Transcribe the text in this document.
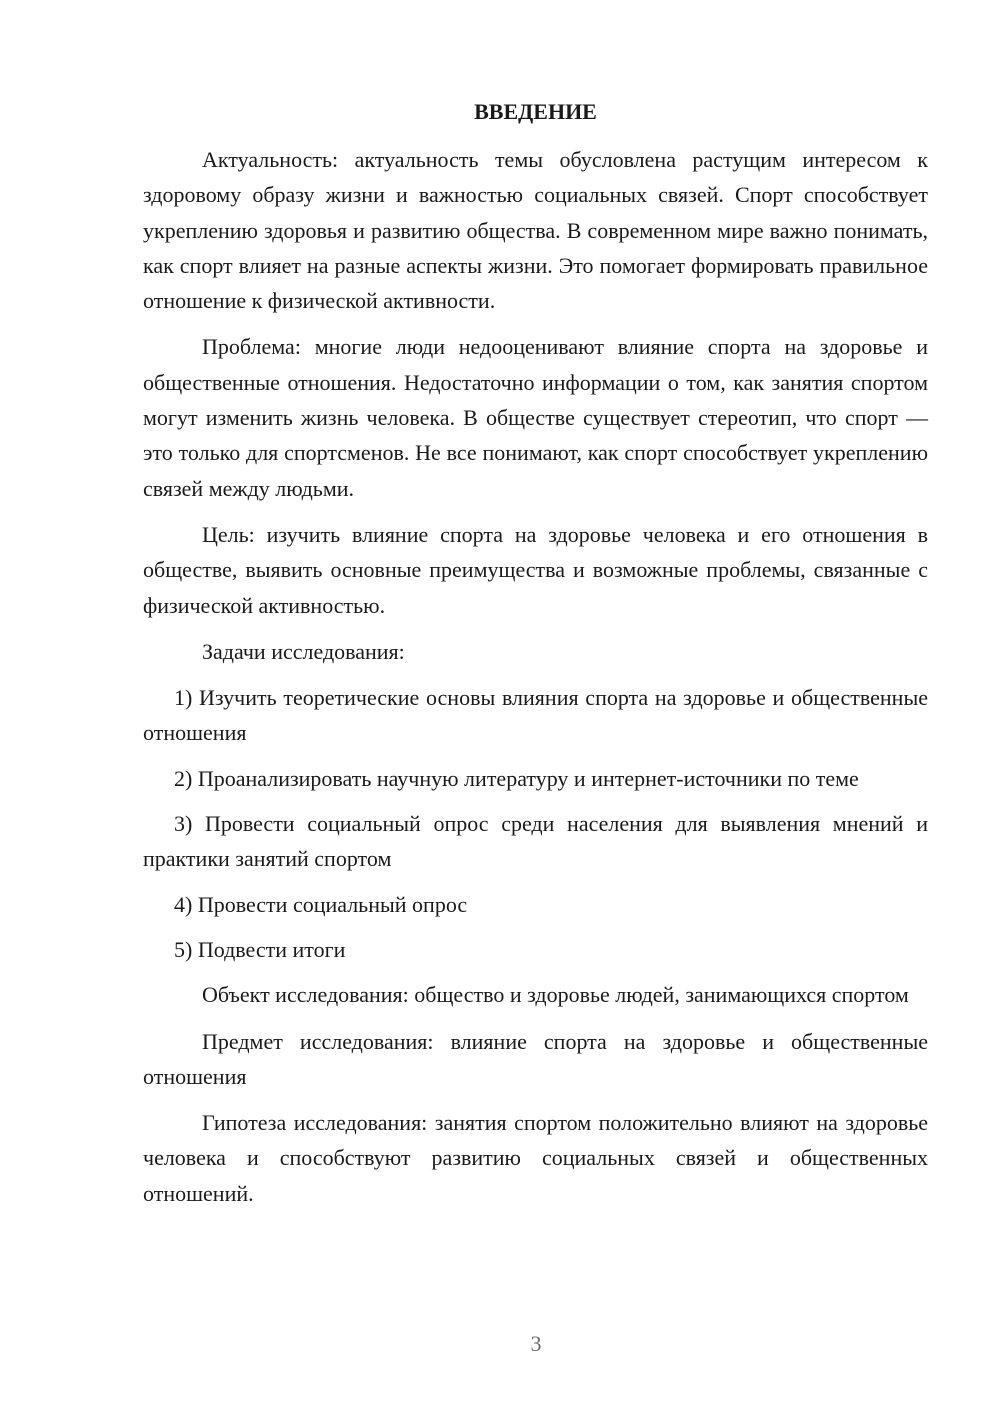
ВВЕДЕНИЕ

Актуальность: актуальность темы обусловлена растущим интересом к здоровому образу жизни и важностью социальных связей. Спорт способствует укреплению здоровья и развитию общества. В современном мире важно понимать, как спорт влияет на разные аспекты жизни. Это помогает формировать правильное отношение к физической активности.

Проблема: многие люди недооценивают влияние спорта на здоровье и общественные отношения. Недостаточно информации о том, как занятия спортом могут изменить жизнь человека. В обществе существует стереотип, что спорт — это только для спортсменов. Не все понимают, как спорт способствует укреплению связей между людьми.

Цель: изучить влияние спорта на здоровье человека и его отношения в обществе, выявить основные преимущества и возможные проблемы, связанные с физической активностью.

Задачи исследования:

1) Изучить теоретические основы влияния спорта на здоровье и общественные отношения

2) Проанализировать научную литературу и интернет-источники по теме

3) Провести социальный опрос среди населения для выявления мнений и практики занятий спортом

4) Провести социальный опрос

5) Подвести итоги

Объект исследования: общество и здоровье людей, занимающихся спортом

Предмет исследования: влияние спорта на здоровье и общественные отношения

Гипотеза исследования: занятия спортом положительно влияют на здоровье человека и способствуют развитию социальных связей и общественных отношений.

3
